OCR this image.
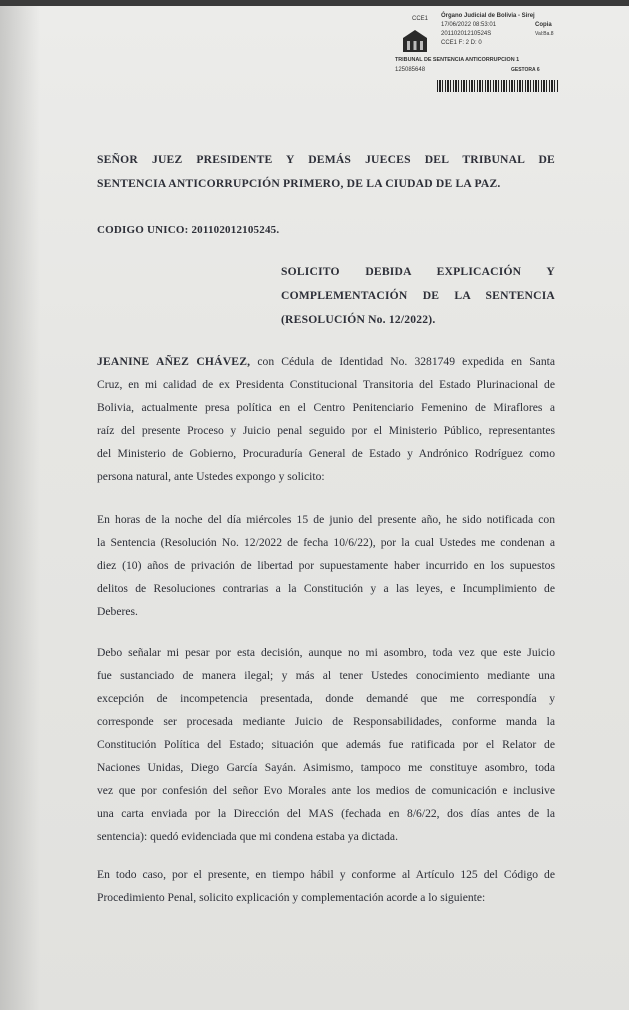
CCE1 Órgano Judicial de Bolivia - Sirej
17/06/2022 08:53:01	Copia
20110201210524S	Val:Ba.8
CCE1 F: 2 D: 0
TRIBUNAL DE SENTENCIA ANTICORRUPCION 1
125085648	GESTORA 6
SEÑOR JUEZ PRESIDENTE Y DEMÁS JUECES DEL TRIBUNAL DE
SENTENCIA ANTICORRUPCIÓN PRIMERO, DE LA CIUDAD DE LA PAZ.
CODIGO UNICO: 201102012105245.
SOLICITO DEBIDA EXPLICACIÓN Y
COMPLEMENTACIÓN DE LA SENTENCIA
(RESOLUCIÓN No. 12/2022).
JEANINE AÑEZ CHÁVEZ, con Cédula de Identidad No. 3281749 expedida en Santa
Cruz, en mi calidad de ex Presidenta Constitucional Transitoria del Estado Plurinacional de
Bolivia, actualmente presa política en el Centro Penitenciario Femenino de Miraflores a
raíz del presente Proceso y Juicio penal seguido por el Ministerio Público, representantes
del Ministerio de Gobierno, Procuraduría General de Estado y Andrónico Rodríguez como
persona natural, ante Ustedes expongo y solicito:
En horas de la noche del día miércoles 15 de junio del presente año, he sido notificada con
la Sentencia (Resolución No. 12/2022 de fecha 10/6/22), por la cual Ustedes me condenan a
diez (10) años de privación de libertad por supuestamente haber incurrido en los supuestos
delitos de Resoluciones contrarias a la Constitución y a las leyes, e Incumplimiento de
Deberes.
Debo señalar mi pesar por esta decisión, aunque no mi asombro, toda vez que este Juicio
fue sustanciado de manera ilegal; y más al tener Ustedes conocimiento mediante una
excepción de incompetencia presentada, donde demandé que me correspondía y
corresponde ser procesada mediante Juicio de Responsabilidades, conforme manda la
Constitución Política del Estado; situación que además fue ratificada por el Relator de
Naciones Unidas, Diego García Sayán. Asimismo, tampoco me constituye asombro, toda
vez que por confesión del señor Evo Morales ante los medios de comunicación e inclusive
una carta enviada por la Dirección del MAS (fechada en 8/6/22, dos días antes de la
sentencia): quedó evidenciada que mi condena estaba ya dictada.
En todo caso, por el presente, en tiempo hábil y conforme al Artículo 125 del Código de
Procedimiento Penal, solicito explicación y complementación acorde a lo siguiente:
